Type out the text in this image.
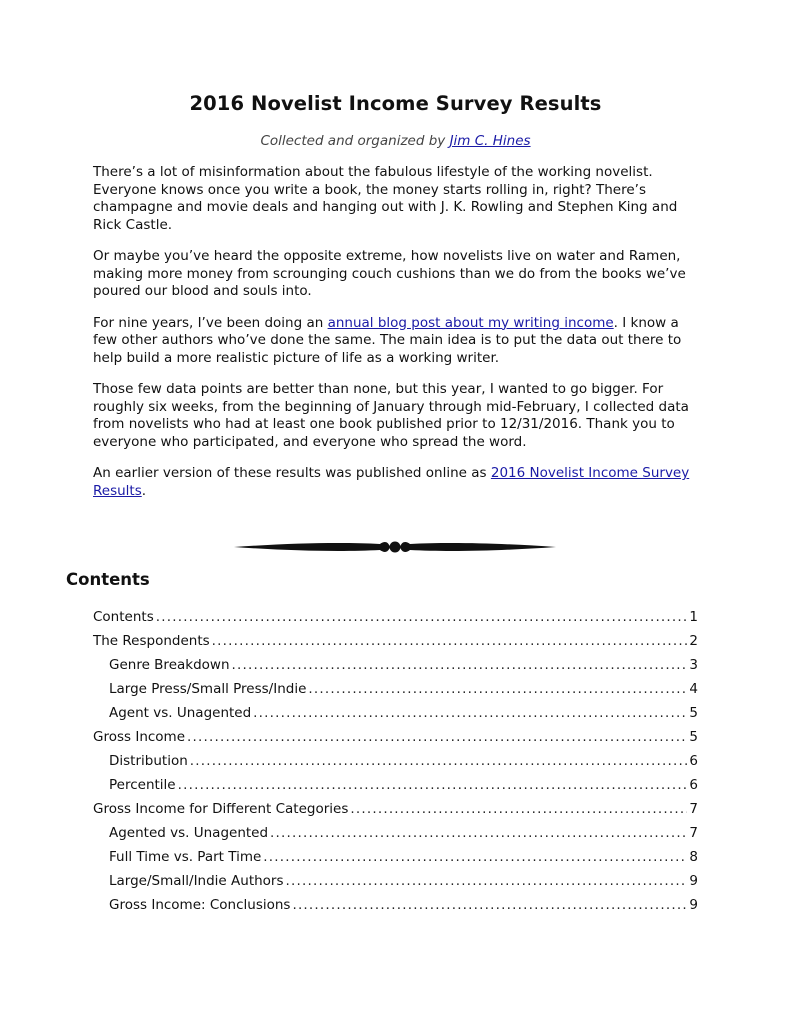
2016 Novelist Income Survey Results
Collected and organized by Jim C. Hines

There’s a lot of misinformation about the fabulous lifestyle of the working novelist. Everyone knows once you write a book, the money starts rolling in, right? There’s champagne and movie deals and hanging out with J. K. Rowling and Stephen King and Rick Castle.

Or maybe you’ve heard the opposite extreme, how novelists live on water and Ramen, making more money from scrounging couch cushions than we do from the books we’ve poured our blood and souls into.

For nine years, I’ve been doing an annual blog post about my writing income. I know a few other authors who’ve done the same. The main idea is to put the data out there to help build a more realistic picture of life as a working writer.

Those few data points are better than none, but this year, I wanted to go bigger. For roughly six weeks, from the beginning of January through mid-February, I collected data from novelists who had at least one book published prior to 12/31/2016. Thank you to everyone who participated, and everyone who spread the word.

An earlier version of these results was published online as 2016 Novelist Income Survey Results.

Contents
Contents .....	1
The Respondents .....	2
Genre Breakdown .....	3
Large Press/Small Press/Indie .....	4
Agent vs. Unagented .....	5
Gross Income .....	5
Distribution .....	6
Percentile .....	6
Gross Income for Different Categories .....	7
Agented vs. Unagented .....	7
Full Time vs. Part Time .....	8
Large/Small/Indie Authors .....	9
Gross Income: Conclusions .....	9
